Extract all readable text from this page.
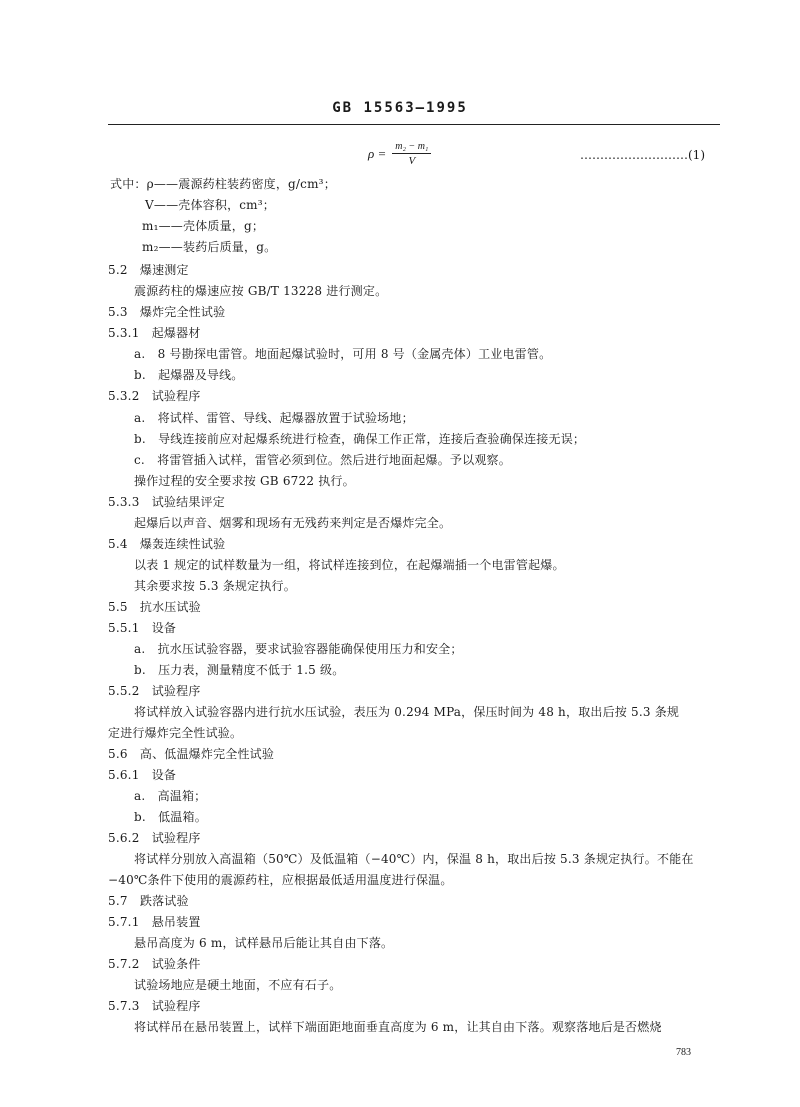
GB 15563—1995
$\rho = \frac{\text{m₂ − m₁}}{V}$	………………………(1)
式中：ρ——震源药柱装药密度，g/cm³；
V——壳体容积，cm³；
m₁——壳体质量，g；
m₂——装药后质量，g。
5.2　爆速测定
震源药柱的爆速应按 GB/T 13228 进行测定。
5.3　爆炸完全性试验
5.3.1　起爆器材
a.　8 号勘探电雷管。地面起爆试验时，可用 8 号（金属壳体）工业电雷管。
b.　起爆器及导线。
5.3.2　试验程序
a.　将试样、雷管、导线、起爆器放置于试验场地；
b.　导线连接前应对起爆系统进行检查，确保工作正常，连接后查验确保连接无误；
c.　将雷管插入试样，雷管必须到位。然后进行地面起爆。予以观察。
操作过程的安全要求按 GB 6722 执行。
5.3.3　试验结果评定
起爆后以声音、烟雾和现场有无残药来判定是否爆炸完全。
5.4　爆轰连续性试验
以表 1 规定的试样数量为一组，将试样连接到位，在起爆端插一个电雷管起爆。
其余要求按 5.3 条规定执行。
5.5　抗水压试验
5.5.1　设备
a.　抗水压试验容器，要求试验容器能确保使用压力和安全；
b.　压力表，测量精度不低于 1.5 级。
5.5.2　试验程序
将试样放入试验容器内进行抗水压试验，表压为 0.294 MPa，保压时间为 48 h，取出后按 5.3 条规
定进行爆炸完全性试验。
5.6　高、低温爆炸完全性试验
5.6.1　设备
a.　高温箱；
b.　低温箱。
5.6.2　试验程序
将试样分别放入高温箱（50℃）及低温箱（−40℃）内，保温 8 h，取出后按 5.3 条规定执行。不能在
−40℃条件下使用的震源药柱，应根据最低适用温度进行保温。
5.7　跌落试验
5.7.1　悬吊装置
悬吊高度为 6 m，试样悬吊后能让其自由下落。
5.7.2　试验条件
试验场地应是硬土地面，不应有石子。
5.7.3　试验程序
将试样吊在悬吊装置上，试样下端面距地面垂直高度为 6 m，让其自由下落。观察落地后是否燃烧
783
